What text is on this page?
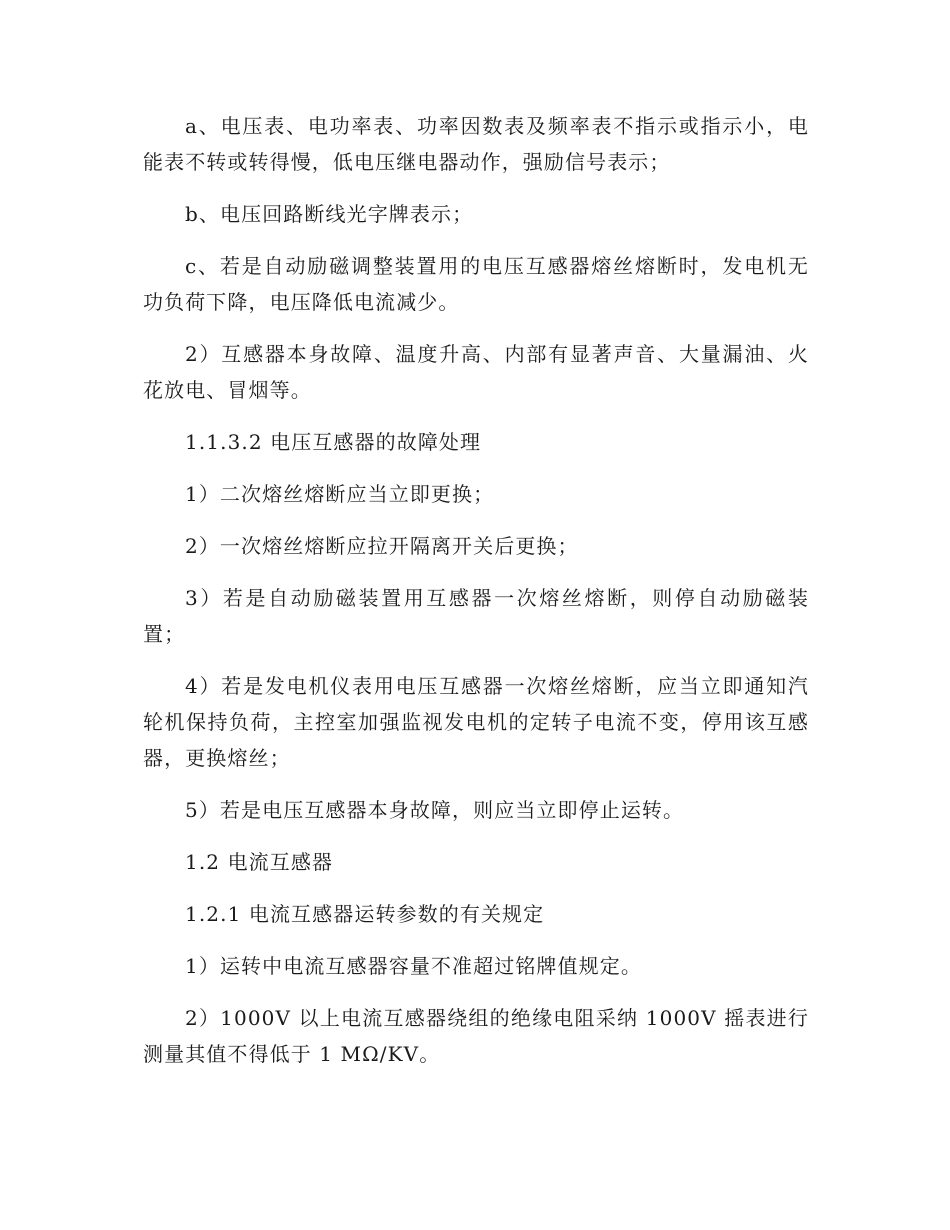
a、电压表、电功率表、功率因数表及频率表不指示或指示小，电能表不转或转得慢，低电压继电器动作，强励信号表示；

b、电压回路断线光字牌表示；

c、若是自动励磁调整装置用的电压互感器熔丝熔断时，发电机无功负荷下降，电压降低电流减少。

2）互感器本身故障、温度升高、内部有显著声音、大量漏油、火花放电、冒烟等。

1.1.3.2 电压互感器的故障处理

1）二次熔丝熔断应当立即更换；

2）一次熔丝熔断应拉开隔离开关后更换；

3）若是自动励磁装置用互感器一次熔丝熔断，则停自动励磁装置；

4）若是发电机仪表用电压互感器一次熔丝熔断，应当立即通知汽轮机保持负荷，主控室加强监视发电机的定转子电流不变，停用该互感器，更换熔丝；

5）若是电压互感器本身故障，则应当立即停止运转。

1.2 电流互感器

1.2.1 电流互感器运转参数的有关规定

1）运转中电流互感器容量不准超过铭牌值规定。

2）1000V 以上电流互感器绕组的绝缘电阻采纳 1000V 摇表进行测量其值不得低于 1 MΩ/KV。
